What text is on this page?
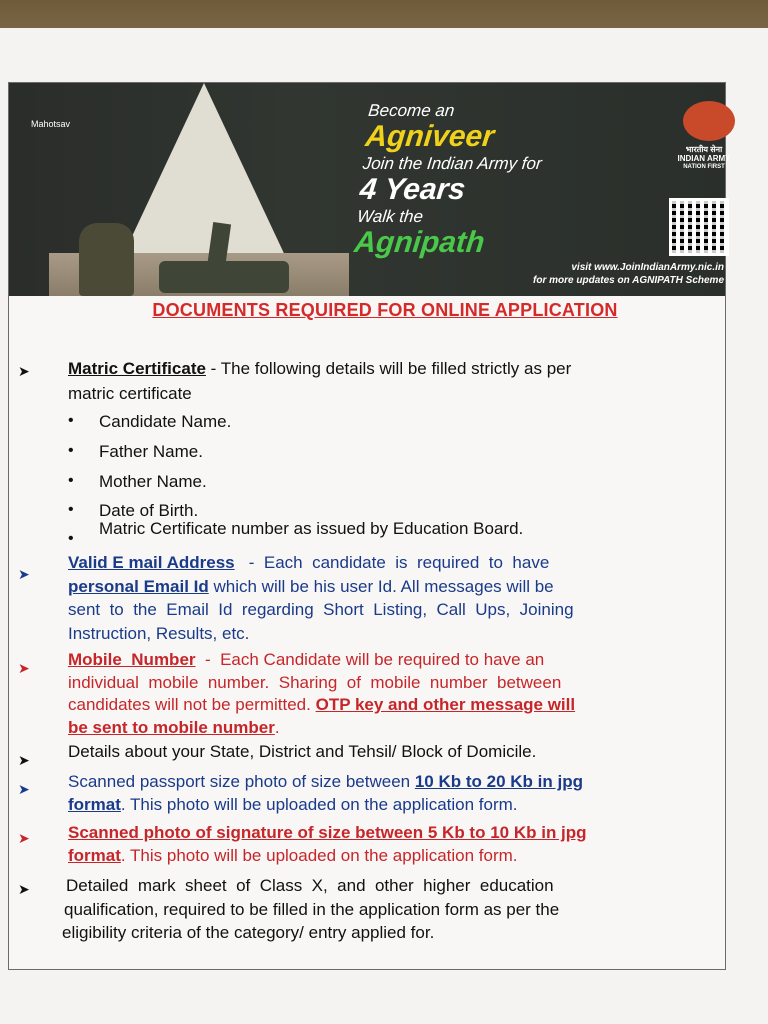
Mahotsav
Become an
Agniveer
Join the Indian Army for
4 Years
Walk the
Agnipath
भारतीय सेना
INDIAN ARMY
NATION FIRST
visit www.JoinIndianArmy.nic.in
for more updates on AGNIPATH Scheme
DOCUMENTS REQUIRED FOR ONLINE APPLICATION
➤ Matric Certificate - The following details will be filled strictly as per
matric certificate
• Candidate Name.
• Father Name.
• Mother Name.
• Date of Birth.
•
Matric Certificate number as issued by Education Board.
➤
Valid E mail Address   -  Each  candidate  is  required  to  have
personal Email Id which will be his user Id. All messages will be
sent  to  the  Email  Id  regarding  Short  Listing,  Call  Ups,  Joining
Instruction, Results, etc.
➤ Mobile  Number  -  Each Candidate will be required to have an
individual  mobile  number.  Sharing  of  mobile  number  between
candidates will not be permitted. OTP key and other message will
be sent to mobile number.
➤ Details about your State, District and Tehsil/ Block of Domicile.
➤ Scanned passport size photo of size between 10 Kb to 20 Kb in jpg
format. This photo will be uploaded on the application form.
➤ Scanned photo of signature of size between 5 Kb to 10 Kb in jpg
format. This photo will be uploaded on the application form.
➤ Detailed  mark  sheet  of  Class  X,  and  other  higher  education
qualification, required to be filled in the application form as per the
eligibility criteria of the category/ entry applied for.
